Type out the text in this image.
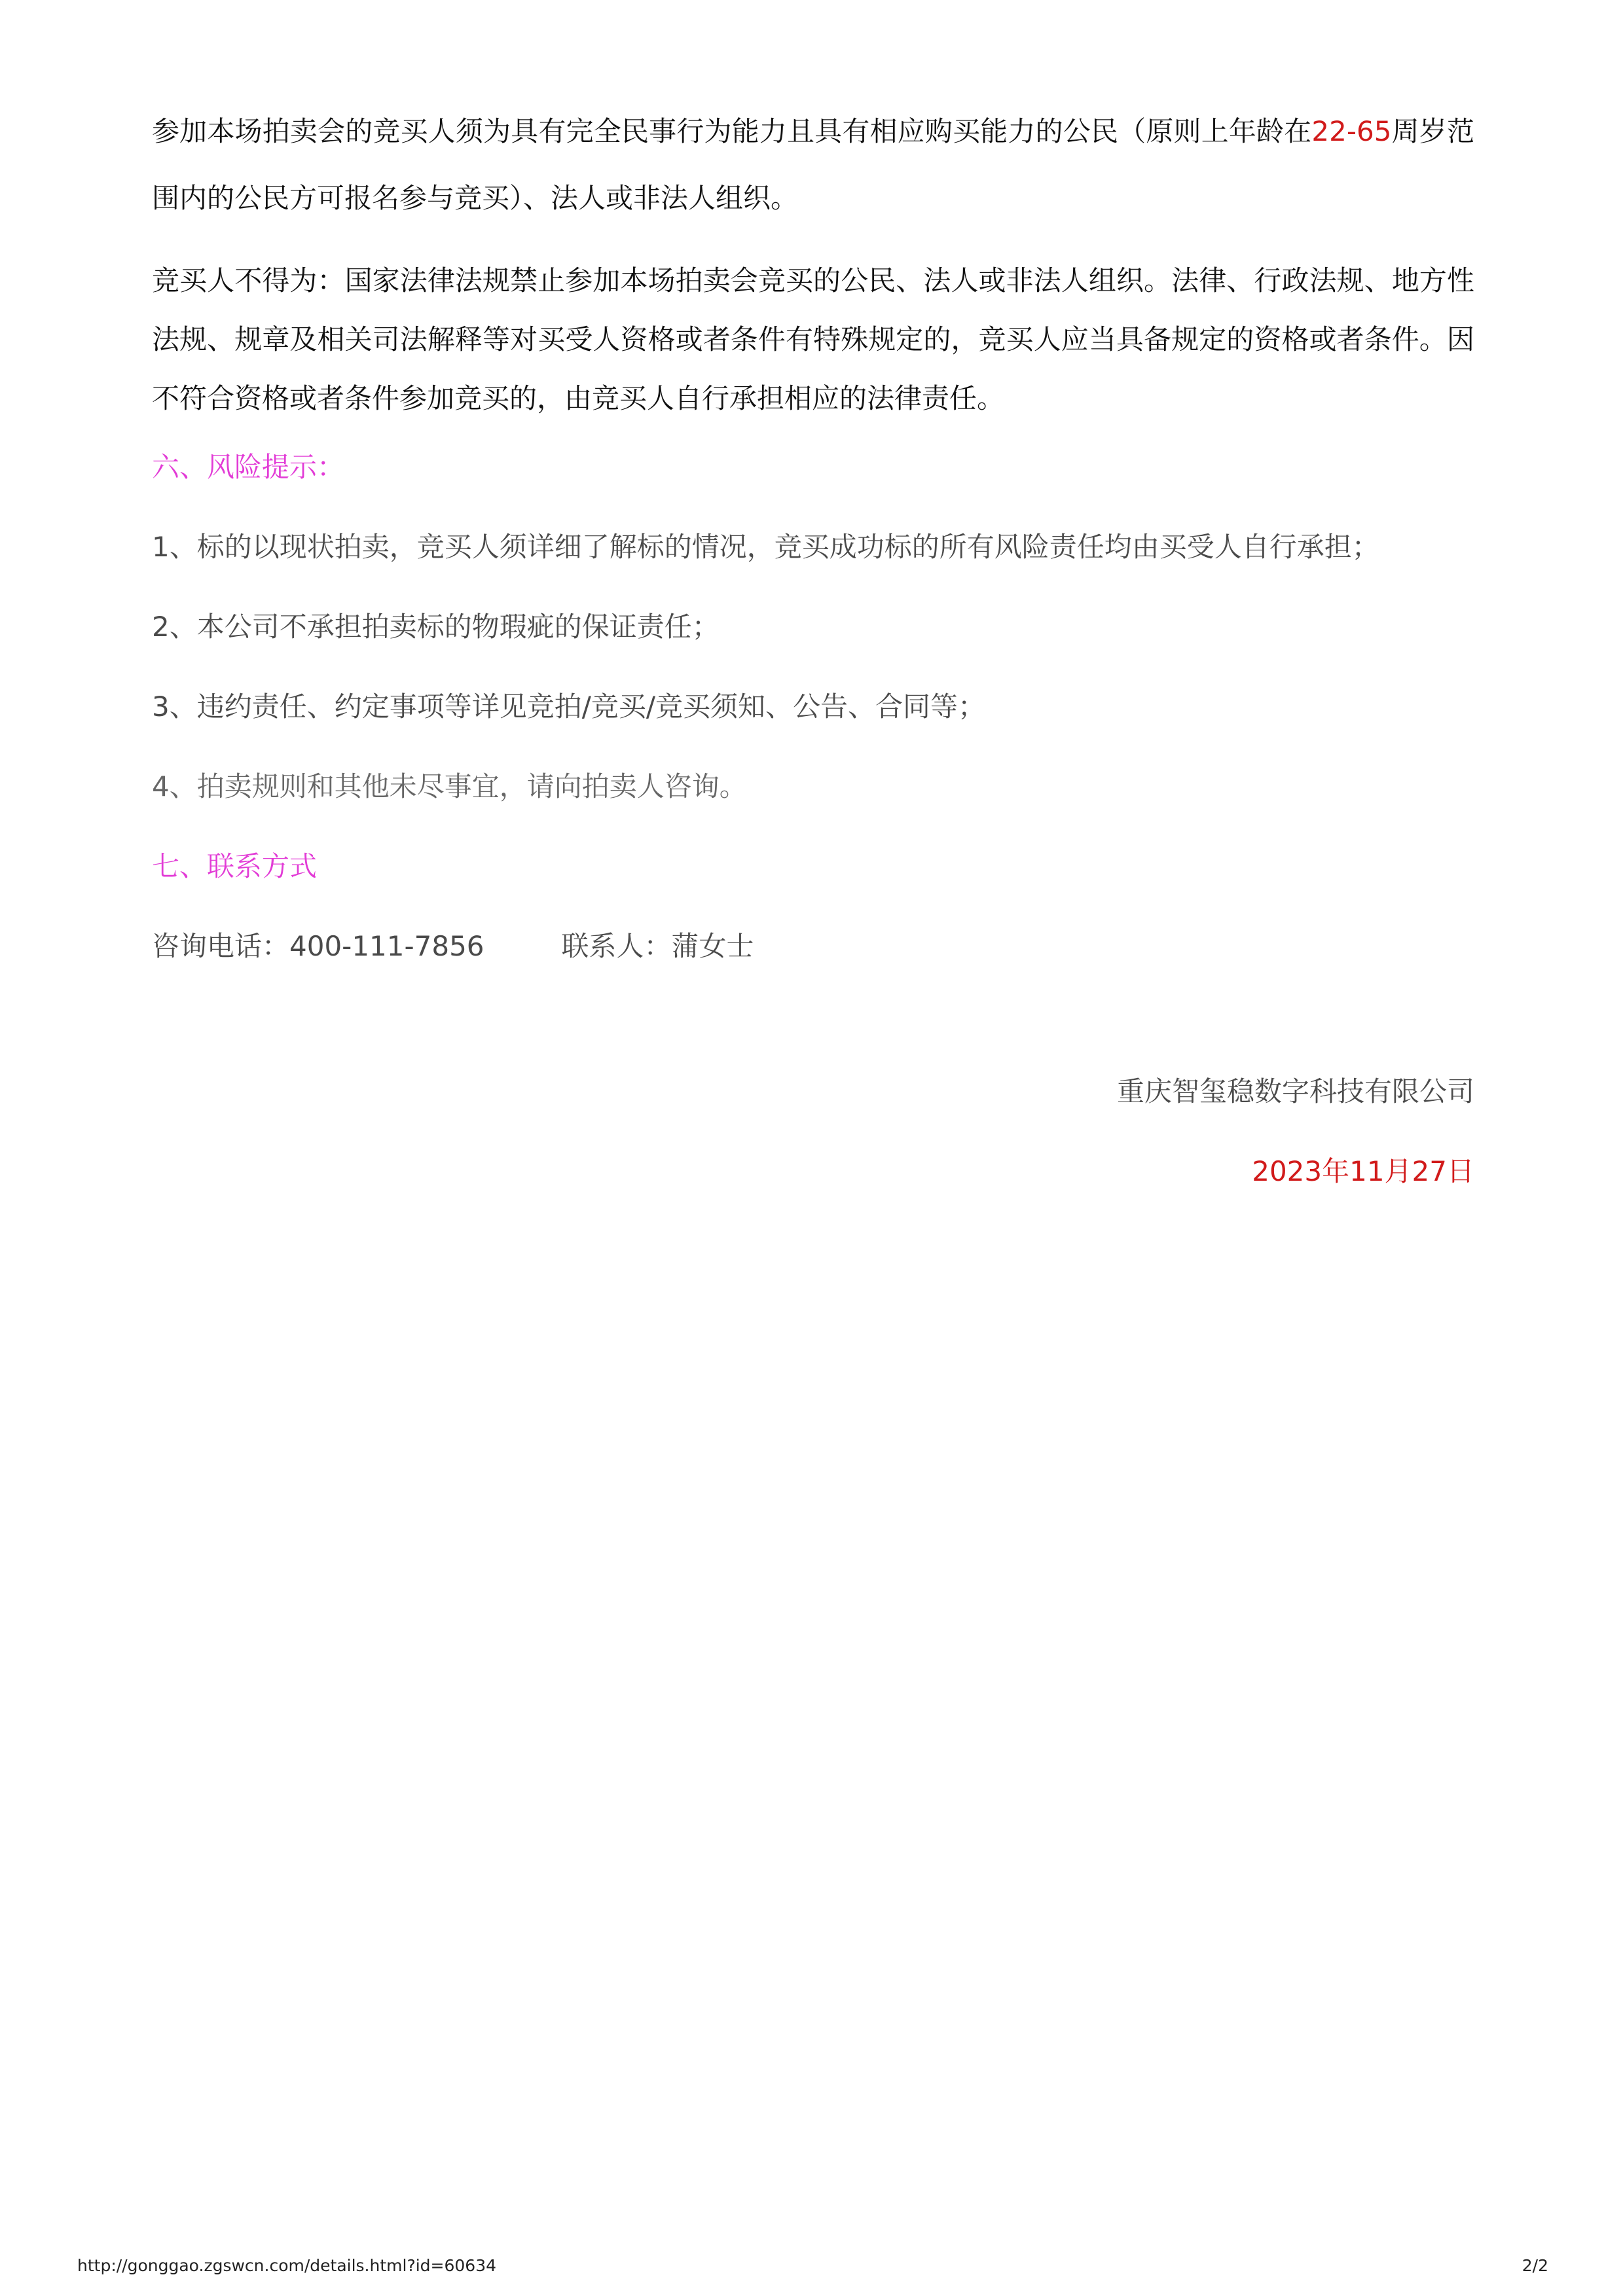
参加本场拍卖会的竞买人须为具有完全民事行为能力且具有相应购买能力的公民（原则上年龄在22-65周岁范围内的公民方可报名参与竞买）、法人或非法人组织。

竞买人不得为：国家法律法规禁止参加本场拍卖会竞买的公民、法人或非法人组织。法律、行政法规、地方性法规、规章及相关司法解释等对买受人资格或者条件有特殊规定的，竞买人应当具备规定的资格或者条件。因不符合资格或者条件参加竞买的，由竞买人自行承担相应的法律责任。

六、风险提示：
1、标的以现状拍卖，竞买人须详细了解标的情况，竞买成功标的所有风险责任均由买受人自行承担；
2、本公司不承担拍卖标的物瑕疵的保证责任；
3、违约责任、约定事项等详见竞拍/竞买/竞买须知、公告、合同等；
4、拍卖规则和其他未尽事宜，请向拍卖人咨询。
七、联系方式
咨询电话：400-111-7856	联系人：蒲女士
重庆智玺稳数字科技有限公司
2023年11月27日
http://gonggao.zgswcn.com/details.html?id=60634	2/2
